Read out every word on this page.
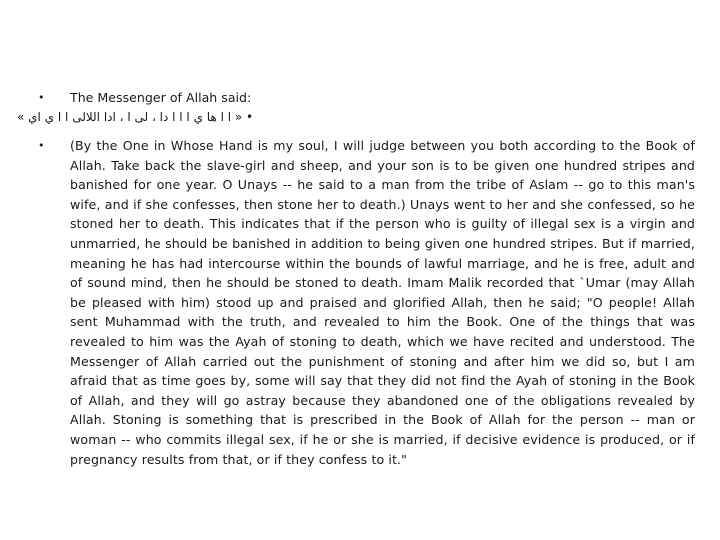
• The Messenger of Allah said:
« ﺍ ﺍ ﻫﺎ ﻱ ﺍ ﺍ ﺍ ﺩﺍ ، ﻟﻰ ﺍ ، ﺍﺩﺍ ﺍﻟﻠﺎﻟﻰ ﺍ ﺍ ﻱ ﺍﻱ » •
• (By the One in Whose Hand is my soul, I will judge between you both according to the Book of Allah. Take back the slave-girl and sheep, and your son is to be given one hundred stripes and banished for one year. O Unays -- he said to a man from the tribe of Aslam -- go to this man's wife, and if she confesses, then stone her to death.) Unays went to her and she confessed, so he stoned her to death. This indicates that if the person who is guilty of illegal sex is a virgin and unmarried, he should be banished in addition to being given one hundred stripes. But if married, meaning he has had intercourse within the bounds of lawful marriage, and he is free, adult and of sound mind, then he should be stoned to death. Imam Malik recorded that `Umar (may Allah be pleased with him) stood up and praised and glorified Allah, then he said; "O people! Allah sent Muhammad with the truth, and revealed to him the Book. One of the things that was revealed to him was the Ayah of stoning to death, which we have recited and understood. The Messenger of Allah carried out the punishment of stoning and after him we did so, but I am afraid that as time goes by, some will say that they did not find the Ayah of stoning in the Book of Allah, and they will go astray because they abandoned one of the obligations revealed by Allah. Stoning is something that is prescribed in the Book of Allah for the person -- man or woman -- who commits illegal sex, if he or she is married, if decisive evidence is produced, or if pregnancy results from that, or if they confess to it."
